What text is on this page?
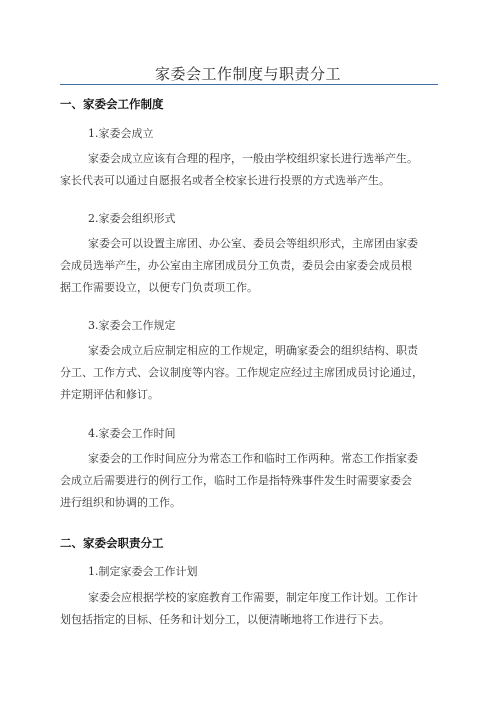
家委会工作制度与职责分工
一、家委会工作制度
1.家委会成立
家委会成立应该有合理的程序，一般由学校组织家长进行选举产生。
家长代表可以通过自愿报名或者全校家长进行投票的方式选举产生。
2.家委会组织形式
家委会可以设置主席团、办公室、委员会等组织形式，主席团由家委
会成员选举产生，办公室由主席团成员分工负责，委员会由家委会成员根
据工作需要设立，以便专门负责项工作。
3.家委会工作规定
家委会成立后应制定相应的工作规定，明确家委会的组织结构、职责
分工、工作方式、会议制度等内容。工作规定应经过主席团成员讨论通过，
并定期评估和修订。
4.家委会工作时间
家委会的工作时间应分为常态工作和临时工作两种。常态工作指家委
会成立后需要进行的例行工作，临时工作是指特殊事件发生时需要家委会
进行组织和协调的工作。
二、家委会职责分工
1.制定家委会工作计划
家委会应根据学校的家庭教育工作需要，制定年度工作计划。工作计
划包括指定的目标、任务和计划分工，以便清晰地将工作进行下去。
